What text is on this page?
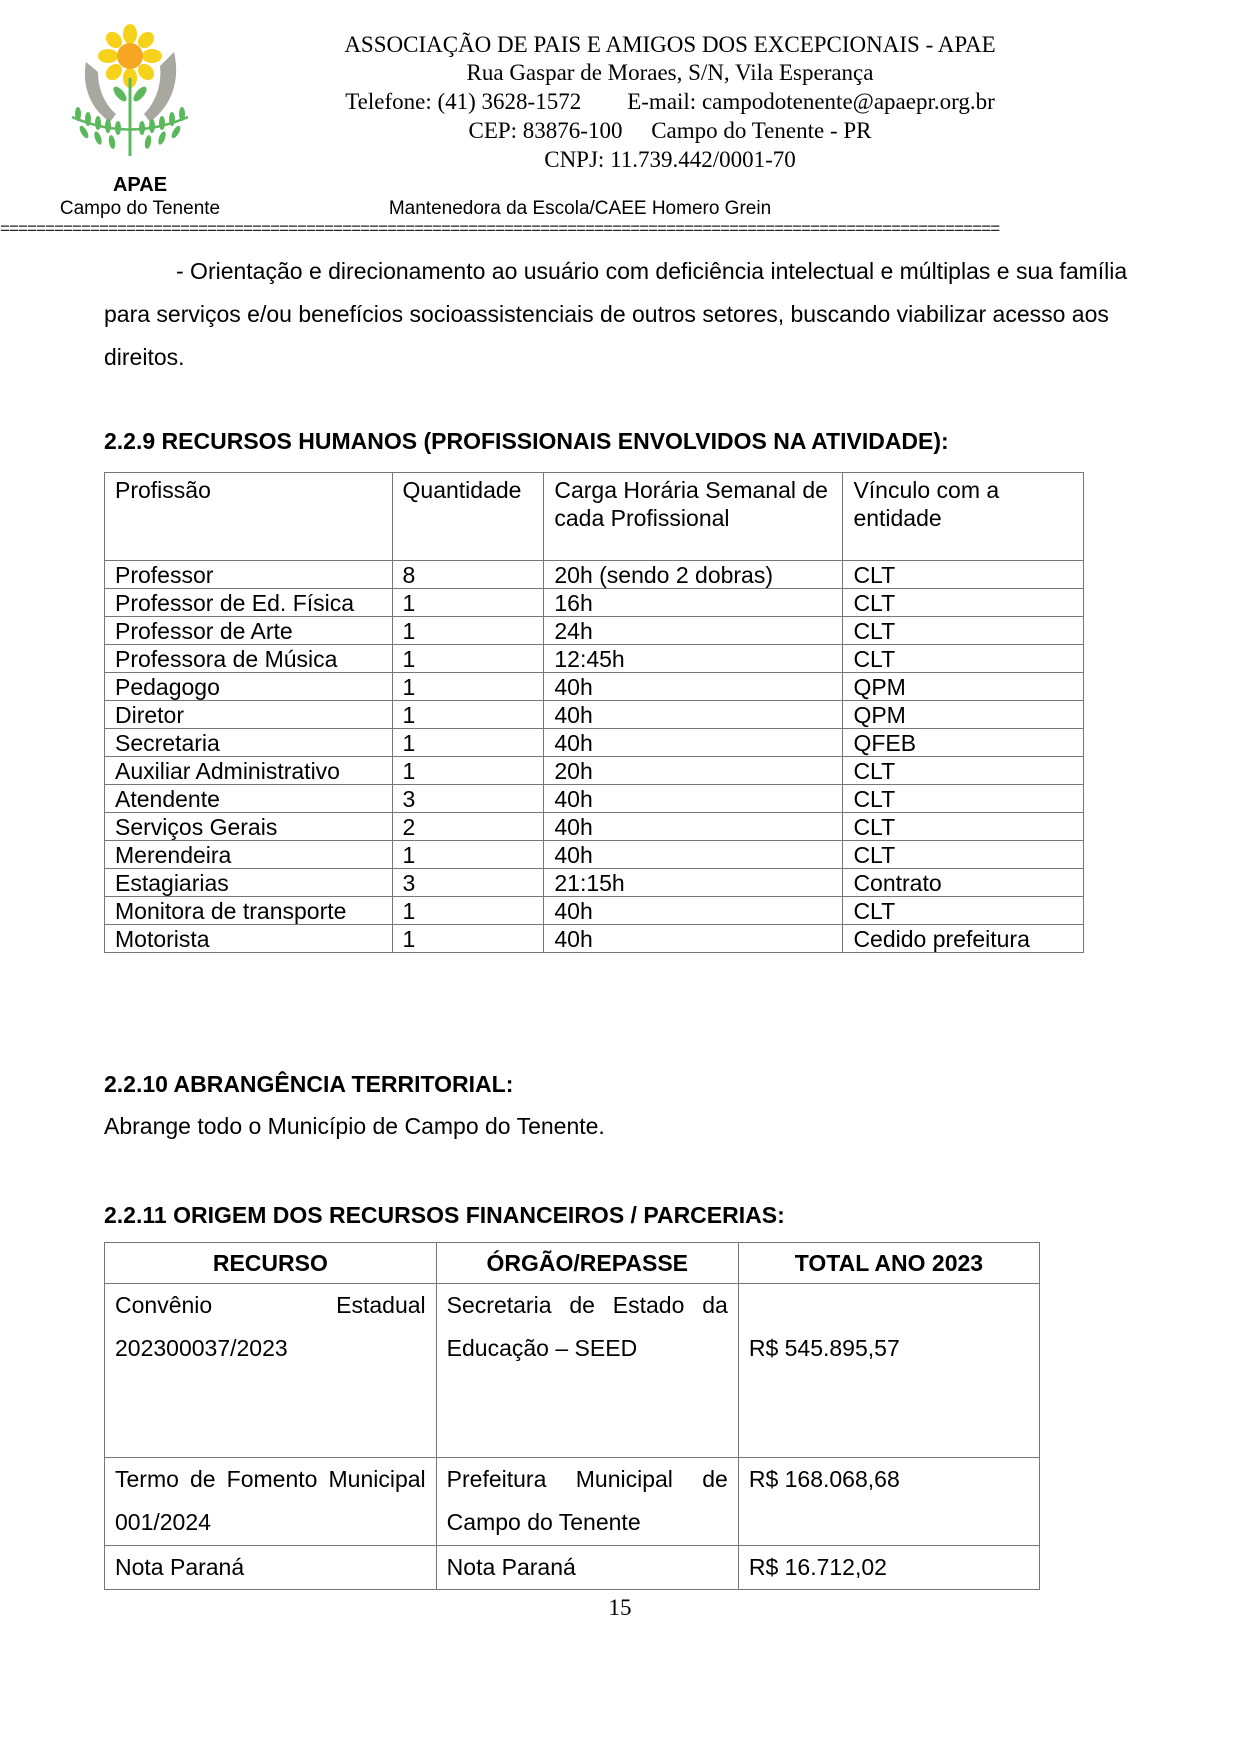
APAE
Campo do Tenente
ASSOCIAÇÃO DE PAIS E AMIGOS DOS EXCEPCIONAIS - APAE
Rua Gaspar de Moraes, S/N, Vila Esperança
Telefone: (41) 3628-1572        E-mail: campodotenente@apaepr.org.br
CEP: 83876-100     Campo do Tenente - PR
CNPJ: 11.739.442/0001-70
Mantenedora da Escola/CAEE Homero Grein
===============================================================================================================
- Orientação e direcionamento ao usuário com deficiência intelectual e múltiplas e sua família para serviços e/ou benefícios socioassistenciais de outros setores, buscando viabilizar acesso aos direitos.
2.2.9 RECURSOS HUMANOS (PROFISSIONAIS ENVOLVIDOS NA ATIVIDADE):
Profissão	Quantidade	Carga Horária Semanal de cada Profissional	Vínculo com a entidade
Professor	8	20h (sendo 2 dobras)	CLT
Professor de Ed. Física	1	16h	CLT
Professor de Arte	1	24h	CLT
Professora de Música	1	12:45h	CLT
Pedagogo	1	40h	QPM
Diretor	1	40h	QPM
Secretaria	1	40h	QFEB
Auxiliar Administrativo	1	20h	CLT
Atendente	3	40h	CLT
Serviços Gerais	2	40h	CLT
Merendeira	1	40h	CLT
Estagiarias	3	21:15h	Contrato
Monitora de transporte	1	40h	CLT
Motorista	1	40h	Cedido prefeitura
2.2.10 ABRANGÊNCIA TERRITORIAL:
Abrange todo o Município de Campo do Tenente.
2.2.11 ORIGEM DOS RECURSOS FINANCEIROS / PARCERIAS:
RECURSO	ÓRGÃO/REPASSE	TOTAL ANO 2023
Convênio Estadual 202300037/2023	Secretaria de Estado da Educação – SEED	R$ 545.895,57
Termo de Fomento Municipal 001/2024	Prefeitura Municipal de Campo do Tenente	R$ 168.068,68
Nota Paraná	Nota Paraná	R$ 16.712,02
15
